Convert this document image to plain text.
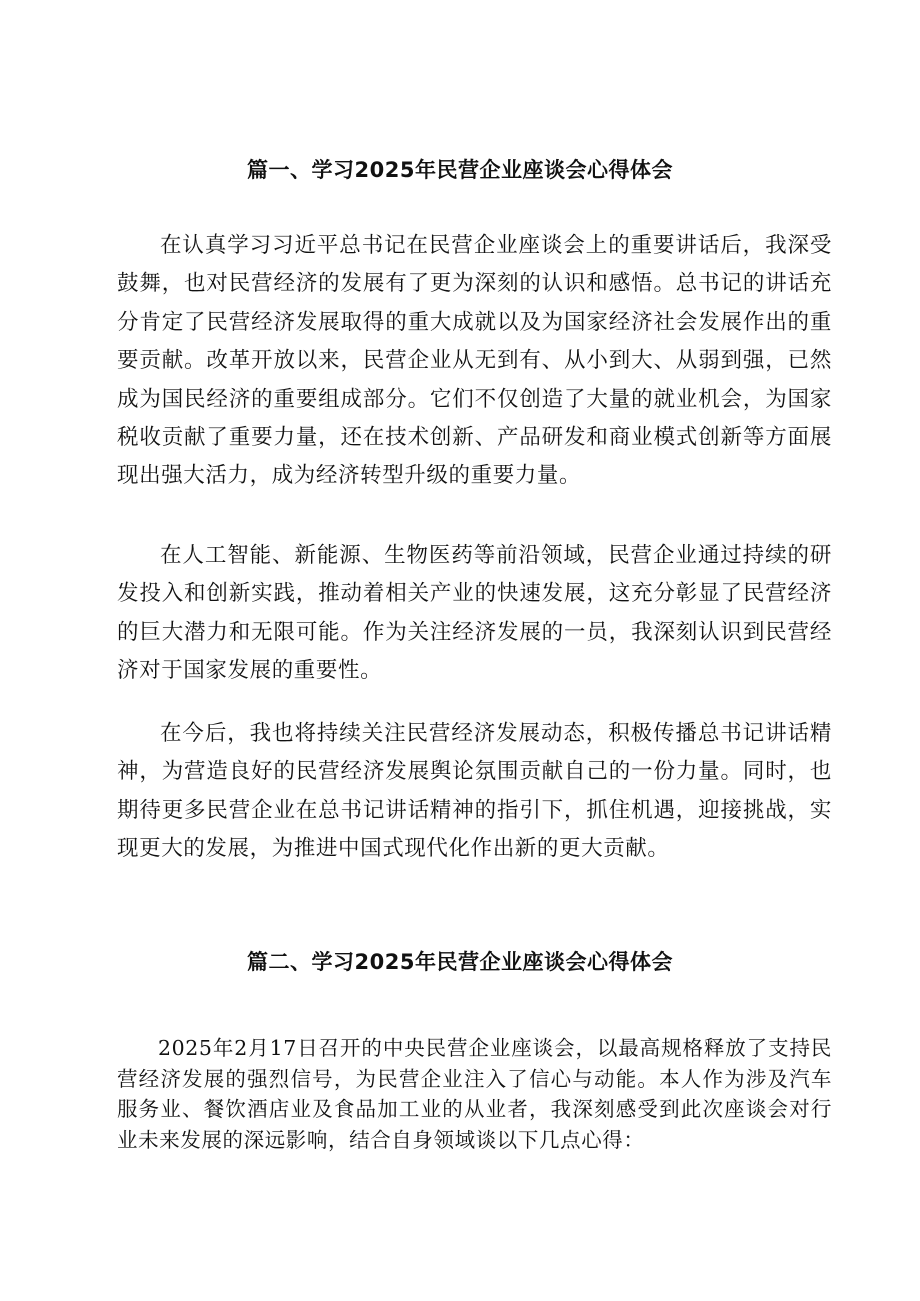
篇一、学习2025年民营企业座谈会心得体会

在认真学习习近平总书记在民营企业座谈会上的重要讲话后，我深受鼓舞，也对民营经济的发展有了更为深刻的认识和感悟。总书记的讲话充分肯定了民营经济发展取得的重大成就以及为国家经济社会发展作出的重要贡献。改革开放以来，民营企业从无到有、从小到大、从弱到强，已然成为国民经济的重要组成部分。它们不仅创造了大量的就业机会，为国家税收贡献了重要力量，还在技术创新、产品研发和商业模式创新等方面展现出强大活力，成为经济转型升级的重要力量。

在人工智能、新能源、生物医药等前沿领域，民营企业通过持续的研发投入和创新实践，推动着相关产业的快速发展，这充分彰显了民营经济的巨大潜力和无限可能。作为关注经济发展的一员，我深刻认识到民营经济对于国家发展的重要性。

在今后，我也将持续关注民营经济发展动态，积极传播总书记讲话精神，为营造良好的民营经济发展舆论氛围贡献自己的一份力量。同时，也期待更多民营企业在总书记讲话精神的指引下，抓住机遇，迎接挑战，实现更大的发展，为推进中国式现代化作出新的更大贡献。

篇二、学习2025年民营企业座谈会心得体会

2025年2月17日召开的中央民营企业座谈会，以最高规格释放了支持民营经济发展的强烈信号，为民营企业注入了信心与动能。本人作为涉及汽车服务业、餐饮酒店业及食品加工业的从业者，我深刻感受到此次座谈会对行业未来发展的深远影响，结合自身领域谈以下几点心得：
